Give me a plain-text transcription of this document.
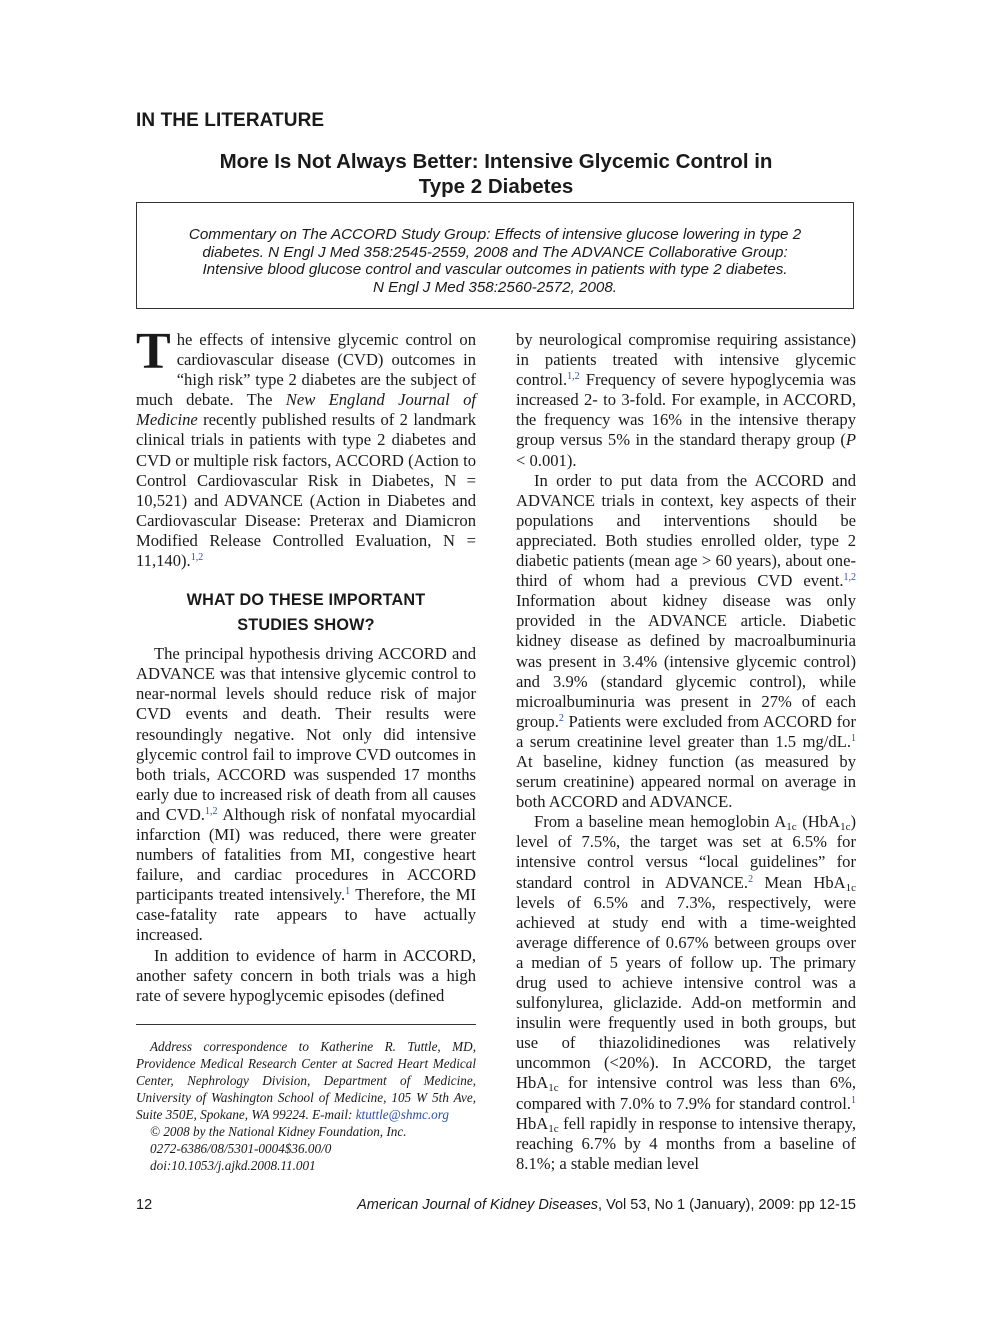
IN THE LITERATURE
More Is Not Always Better: Intensive Glycemic Control in
Type 2 Diabetes
Commentary on The ACCORD Study Group: Effects of intensive glucose lowering in type 2
diabetes. N Engl J Med 358:2545-2559, 2008 and The ADVANCE Collaborative Group:
Intensive blood glucose control and vascular outcomes in patients with type 2 diabetes.
N Engl J Med 358:2560-2572, 2008.

The effects of intensive glycemic control on cardiovascular disease (CVD) outcomes in “high risk” type 2 diabetes are the subject of much debate. The New England Journal of Medicine recently published results of 2 landmark clinical trials in patients with type 2 diabetes and CVD or multiple risk factors, ACCORD (Action to Control Cardiovascular Risk in Diabetes, N = 10,521) and ADVANCE (Action in Diabetes and Cardiovascular Disease: Preterax and Diamicron Modified Release Controlled Evaluation, N = 11,140).$^{1,2}$

WHAT DO THESE IMPORTANT
STUDIES SHOW?

The principal hypothesis driving ACCORD and ADVANCE was that intensive glycemic control to near-normal levels should reduce risk of major CVD events and death. Their results were resoundingly negative. Not only did intensive glycemic control fail to improve CVD outcomes in both trials, ACCORD was suspended 17 months early due to increased risk of death from all causes and CVD.$^{1,2}$ Although risk of nonfatal myocardial infarction (MI) was reduced, there were greater numbers of fatalities from MI, congestive heart failure, and cardiac procedures in ACCORD participants treated intensively.$^1$ Therefore, the MI case-fatality rate appears to have actually increased.

In addition to evidence of harm in ACCORD, another safety concern in both trials was a high rate of severe hypoglycemic episodes (defined

Address correspondence to Katherine R. Tuttle, MD, Providence Medical Research Center at Sacred Heart Medical Center, Nephrology Division, Department of Medicine, University of Washington School of Medicine, 105 W 5th Ave, Suite 350E, Spokane, WA 99224. E-mail: ktuttle@shmc.org

© 2008 by the National Kidney Foundation, Inc.

0272-6386/08/5301-0004$36.00/0

doi:10.1053/j.ajkd.2008.11.001

by neurological compromise requiring assistance) in patients treated with intensive glycemic control.$^{1,2}$ Frequency of severe hypoglycemia was increased 2- to 3-fold. For example, in ACCORD, the frequency was 16% in the intensive therapy group versus 5% in the standard therapy group (P < 0.001).

In order to put data from the ACCORD and ADVANCE trials in context, key aspects of their populations and interventions should be appreciated. Both studies enrolled older, type 2 diabetic patients (mean age > 60 years), about one-third of whom had a previous CVD event.$^{1,2}$ Information about kidney disease was only provided in the ADVANCE article. Diabetic kidney disease as defined by macroalbuminuria was present in 3.4% (intensive glycemic control) and 3.9% (standard glycemic control), while microalbuminuria was present in 27% of each group.$^2$ Patients were excluded from ACCORD for a serum creatinine level greater than 1.5 mg/dL.$^1$ At baseline, kidney function (as measured by serum creatinine) appeared normal on average in both ACCORD and ADVANCE.

From a baseline mean hemoglobin $A_{1c}$ (HbA$_{1c}$) level of 7.5%, the target was set at 6.5% for intensive control versus “local guidelines” for standard control in ADVANCE.$^2$ Mean HbA$_{1c}$ levels of 6.5% and 7.3%, respectively, were achieved at study end with a time-weighted average difference of 0.67% between groups over a median of 5 years of follow up. The primary drug used to achieve intensive control was a sulfonylurea, gliclazide. Add-on metformin and insulin were frequently used in both groups, but use of thiazolidinediones was relatively uncommon (<20%). In ACCORD, the target HbA$_{1c}$ for intensive control was less than 6%, compared with 7.0% to 7.9% for standard control.$^1$ HbA$_{1c}$ fell rapidly in response to intensive therapy, reaching 6.7% by 4 months from a baseline of 8.1%; a stable median level

12	American Journal of Kidney Diseases, Vol 53, No 1 (January), 2009: pp 12-15
